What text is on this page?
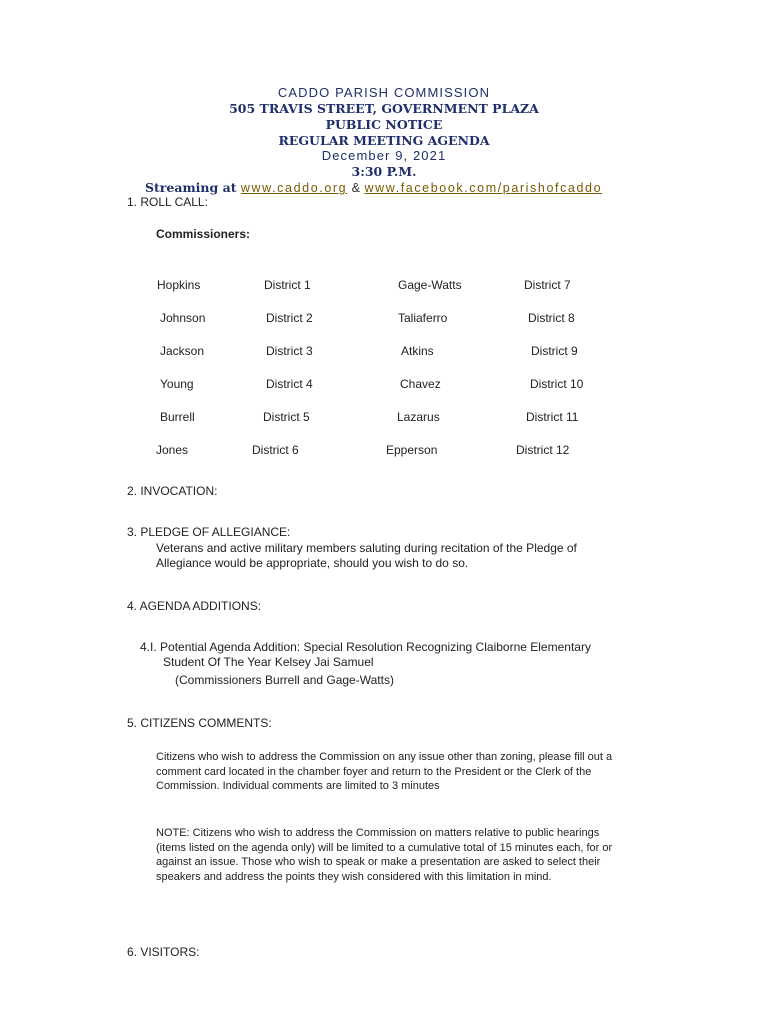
CADDO PARISH COMMISSION
505 TRAVIS STREET, GOVERNMENT PLAZA
PUBLIC NOTICE
REGULAR MEETING AGENDA
December 9, 2021
3:30 P.M.
Streaming at www.caddo.org & www.facebook.com/parishofcaddo
1. ROLL CALL:
Commissioners:
Hopkins	District 1	Gage-Watts	District 7
Johnson	District 2	Taliaferro	District 8
Jackson	District 3	Atkins	District 9
Young	District 4	Chavez	District 10
Burrell	District 5	Lazarus	District 11
Jones	District 6	Epperson	District 12
2. INVOCATION:
3. PLEDGE OF ALLEGIANCE:
Veterans and active military members saluting during recitation of the Pledge of
Allegiance would be appropriate, should you wish to do so.
4. AGENDA ADDITIONS:
4.I. Potential Agenda Addition: Special Resolution Recognizing Claiborne Elementary
Student Of The Year Kelsey Jai Samuel
(Commissioners Burrell and Gage-Watts)
5. CITIZENS COMMENTS:
Citizens who wish to address the Commission on any issue other than zoning, please fill out a
comment card located in the chamber foyer and return to the President or the Clerk of the
Commission. Individual comments are limited to 3 minutes
NOTE: Citizens who wish to address the Commission on matters relative to public hearings
(items listed on the agenda only) will be limited to a cumulative total of 15 minutes each, for or
against an issue. Those who wish to speak or make a presentation are asked to select their
speakers and address the points they wish considered with this limitation in mind.
6. VISITORS:
